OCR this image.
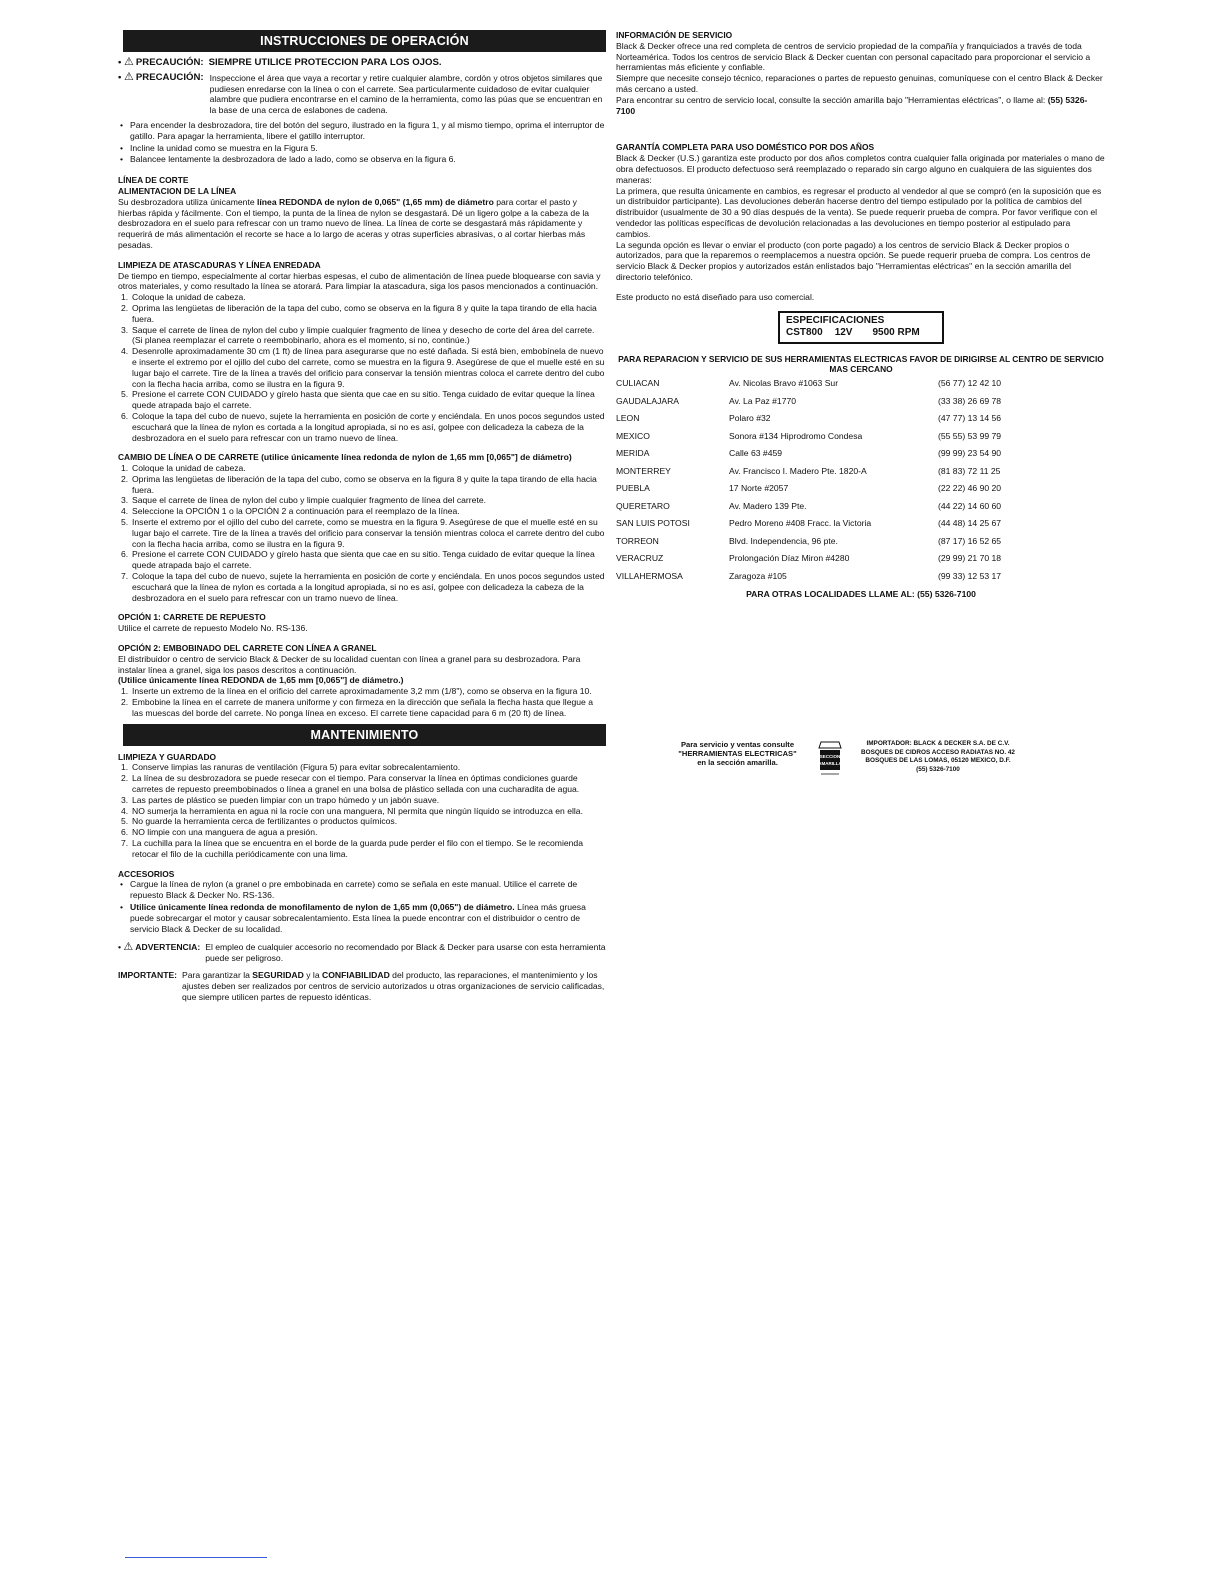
INSTRUCCIONES DE OPERACIÓN
• ⚠ PRECAUCIÓN: SIEMPRE UTILICE PROTECCION PARA LOS OJOS.
• ⚠ PRECAUCIÓN: Inspeccione el área que vaya a recortar y retire cualquier alambre, cordón y otros objetos similares que pudiesen enredarse con la línea o con el carrete. Sea particularmente cuidadoso de evitar cualquier alambre que pudiera encontrarse en el camino de la herramienta, como las púas que se encuentran en la base de una cerca de eslabones de cadena.
• Para encender la desbrozadora, tire del botón del seguro, ilustrado en la figura 1, y al mismo tiempo, oprima el interruptor de gatillo. Para apagar la herramienta, libere el gatillo interruptor.
• Incline la unidad como se muestra en la Figura 5.
• Balancee lentamente la desbrozadora de lado a lado, como se observa en la figura 6.

LÍNEA DE CORTE

ALIMENTACION DE LA LÍNEA

Su desbrozadora utiliza únicamente línea REDONDA de nylon de 0,065" (1,65 mm) de diámetro para cortar el pasto y hierbas rápida y fácilmente. Con el tiempo, la punta de la línea de nylon se desgastará. Dé un ligero golpe a la cabeza de la desbrozadora en el suelo para refrescar con un tramo nuevo de línea. La línea de corte se desgastará más rápidamente y requerirá de más alimentación el recorte se hace a lo largo de aceras y otras superficies abrasivas, o al cortar hierbas más pesadas.

LIMPIEZA DE ATASCADURAS Y LÍNEA ENREDADA

De tiempo en tiempo, especialmente al cortar hierbas espesas, el cubo de alimentación de línea puede bloquearse con savia y otros materiales, y como resultado la línea se atorará. Para limpiar la atascadura, siga los pasos mencionados a continuación.

1. Coloque la unidad de cabeza.
2. Oprima las lengüetas de liberación de la tapa del cubo, como se observa en la figura 8 y quite la tapa tirando de ella hacia fuera.
3. Saque el carrete de línea de nylon del cubo y limpie cualquier fragmento de línea y desecho de corte del área del carrete. (Si planea reemplazar el carrete o reembobinarlo, ahora es el momento, si no, continúe.)
4. Desenrolle aproximadamente 30 cm (1 ft) de línea para asegurarse que no esté dañada. Si está bien, embobínela de nuevo e inserte el extremo por el ojillo del cubo del carrete, como se muestra en la figura 9. Asegúrese de que el muelle esté en su lugar bajo el carrete. Tire de la línea a través del orificio para conservar la tensión mientras coloca el carrete dentro del cubo con la flecha hacia arriba, como se ilustra en la figura 9.
5. Presione el carrete CON CUIDADO y gírelo hasta que sienta que cae en su sitio. Tenga cuidado de evitar queque la línea quede atrapada bajo el carrete.
6. Coloque la tapa del cubo de nuevo, sujete la herramienta en posición de corte y enciéndala. En unos pocos segundos usted escuchará que la línea de nylon es cortada a la longitud apropiada, si no es así, golpee con delicadeza la cabeza de la desbrozadora en el suelo para refrescar con un tramo nuevo de línea.

CAMBIO DE LÍNEA O DE CARRETE (utilice únicamente línea redonda de nylon de 1,65 mm [0,065"] de diámetro)

1. Coloque la unidad de cabeza.
2. Oprima las lengüetas de liberación de la tapa del cubo, como se observa en la figura 8 y quite la tapa tirando de ella hacia fuera.
3. Saque el carrete de línea de nylon del cubo y limpie cualquier fragmento de línea del carrete.
4. Seleccione la OPCIÓN 1 o la OPCIÓN 2 a continuación para el reemplazo de la línea.
5. Inserte el extremo por el ojillo del cubo del carrete, como se muestra en la figura 9. Asegúrese de que el muelle esté en su lugar bajo el carrete. Tire de la línea a través del orificio para conservar la tensión mientras coloca el carrete dentro del cubo con la flecha hacia arriba, como se ilustra en la figura 9.
6. Presione el carrete CON CUIDADO y gírelo hasta que sienta que cae en su sitio. Tenga cuidado de evitar queque la línea quede atrapada bajo el carrete.
7. Coloque la tapa del cubo de nuevo, sujete la herramienta en posición de corte y enciéndala. En unos pocos segundos usted escuchará que la línea de nylon es cortada a la longitud apropiada, si no es así, golpee con delicadeza la cabeza de la desbrozadora en el suelo para refrescar con un tramo nuevo de línea.

OPCIÓN 1: CARRETE DE REPUESTO

Utilice el carrete de repuesto Modelo No. RS-136.

OPCIÓN 2: EMBOBINADO DEL CARRETE CON LÍNEA A GRANEL

El distribuidor o centro de servicio Black & Decker de su localidad cuentan con línea a granel para su desbrozadora. Para instalar línea a granel, siga los pasos descritos a continuación.

(Utilice únicamente línea REDONDA de 1,65 mm [0,065"] de diámetro.)

1. Inserte un extremo de la línea en el orificio del carrete aproximadamente 3,2 mm (1/8"), como se observa en la figura 10.
2. Embobine la línea en el carrete de manera uniforme y con firmeza en la dirección que señala la flecha hasta que llegue a las muescas del borde del carrete. No ponga línea en exceso. El carrete tiene capacidad para 6 m (20 ft) de línea.
MANTENIMIENTO

LIMPIEZA Y GUARDADO

1. Conserve limpias las ranuras de ventilación (Figura 5) para evitar sobrecalentamiento.
2. La línea de su desbrozadora se puede resecar con el tiempo. Para conservar la línea en óptimas condiciones guarde carretes de repuesto preembobinados o línea a granel en una bolsa de plástico sellada con una cucharadita de agua.
3. Las partes de plástico se pueden limpiar con un trapo húmedo y un jabón suave.
4. NO sumerja la herramienta en agua ni la rocíe con una manguera, NI permita que ningún líquido se introduzca en ella.
5. No guarde la herramienta cerca de fertilizantes o productos químicos.
6. NO limpie con una manguera de agua a presión.
7. La cuchilla para la línea que se encuentra en el borde de la guarda pude perder el filo con el tiempo. Se le recomienda retocar el filo de la cuchilla periódicamente con una lima.

ACCESORIOS

• Cargue la línea de nylon (a granel o pre embobinada en carrete) como se señala en este manual. Utilice el carrete de repuesto Black & Decker No. RS-136.
• Utilice únicamente línea redonda de monofilamento de nylon de 1,65 mm (0,065") de diámetro. Línea más gruesa puede sobrecargar el motor y causar sobrecalentamiento. Esta línea la puede encontrar con el distribuidor o centro de servicio Black & Decker de su localidad.
• ⚠ ADVERTENCIA: El empleo de cualquier accesorio no recomendado por Black & Decker para usarse con esta herramienta puede ser peligroso.
IMPORTANTE: Para garantizar la SEGURIDAD y la CONFIABILIDAD del producto, las reparaciones, el mantenimiento y los ajustes deben ser realizados por centros de servicio autorizados u otras organizaciones de servicio calificadas, que siempre utilicen partes de repuesto idénticas.

INFORMACIÓN DE SERVICIO

Black & Decker ofrece una red completa de centros de servicio propiedad de la compañía y franquiciados a través de toda Norteamérica. Todos los centros de servicio Black & Decker cuentan con personal capacitado para proporcionar el servicio a herramientas más eficiente y confiable.

Siempre que necesite consejo técnico, reparaciones o partes de repuesto genuinas, comuníquese con el centro Black & Decker más cercano a usted.

Para encontrar su centro de servicio local, consulte la sección amarilla bajo "Herramientas eléctricas", o llame al: (55) 5326-7100

GARANTÍA COMPLETA PARA USO DOMÉSTICO POR DOS AÑOS

Black & Decker (U.S.) garantiza este producto por dos años completos contra cualquier falla originada por materiales o mano de obra defectuosos. El producto defectuoso será reemplazado o reparado sin cargo alguno en cualquiera de las siguientes dos maneras:

La primera, que resulta únicamente en cambios, es regresar el producto al vendedor al que se compró (en la suposición que es un distribuidor participante). Las devoluciones deberán hacerse dentro del tiempo estipulado por la política de cambios del distribuidor (usualmente de 30 a 90 días después de la venta). Se puede requerir prueba de compra. Por favor verifique con el vendedor las políticas específicas de devolución relacionadas a las devoluciones en tiempo posterior al estipulado para cambios.

La segunda opción es llevar o enviar el producto (con porte pagado) a los centros de servicio Black & Decker propios o autorizados, para que la reparemos o reemplacemos a nuestra opción. Se puede requerir prueba de compra. Los centros de servicio Black & Decker propios y autorizados están enlistados bajo "Herramientas eléctricas" en la sección amarilla del directorio telefónico.

Este producto no está diseñado para uso comercial.

ESPECIFICACIONES
CST800 12V 9500 RPM

PARA REPARACION Y SERVICIO DE SUS HERRAMIENTAS ELECTRICAS FAVOR DE DIRIGIRSE AL CENTRO DE SERVICIO MAS CERCANO

CULIACAN	Av. Nicolas Bravo #1063 Sur	(56 77) 12 42 10
GAUDALAJARA	Av. La Paz #1770	(33 38) 26 69 78
LEON	Polaro #32	(47 77) 13 14 56
MEXICO	Sonora #134 Hiprodromo Condesa	(55 55) 53 99 79
MERIDA	Calle 63 #459	(99 99) 23 54 90
MONTERREY	Av. Francisco I. Madero Pte. 1820-A	(81 83) 72 11 25
PUEBLA	17 Norte #2057	(22 22) 46 90 20
QUERETARO	Av. Madero 139 Pte.	(44 22) 14 60 60
SAN LUIS POTOSI	Pedro Moreno #408 Fracc. la Victoria	(44 48) 14 25 67
TORREON	Blvd. Independencia, 96 pte.	(87 17) 16 52 65
VERACRUZ	Prolongación Díaz Miron #4280	(29 99) 21 70 18
VILLAHERMOSA	Zaragoza #105	(99 33) 12 53 17

PARA OTRAS LOCALIDADES LLAME AL: (55) 5326-7100

Para servicio y ventas consulte
"HERRAMIENTAS ELECTRICAS"
en la sección amarilla.
SECCION
AMARILLA
IMPORTADOR: BLACK & DECKER S.A. DE C.V.
BOSQUES DE CIDROS ACCESO RADIATAS NO. 42
BOSQUES DE LAS LOMAS, 05120 MEXICO, D.F.
(55) 5326-7100
